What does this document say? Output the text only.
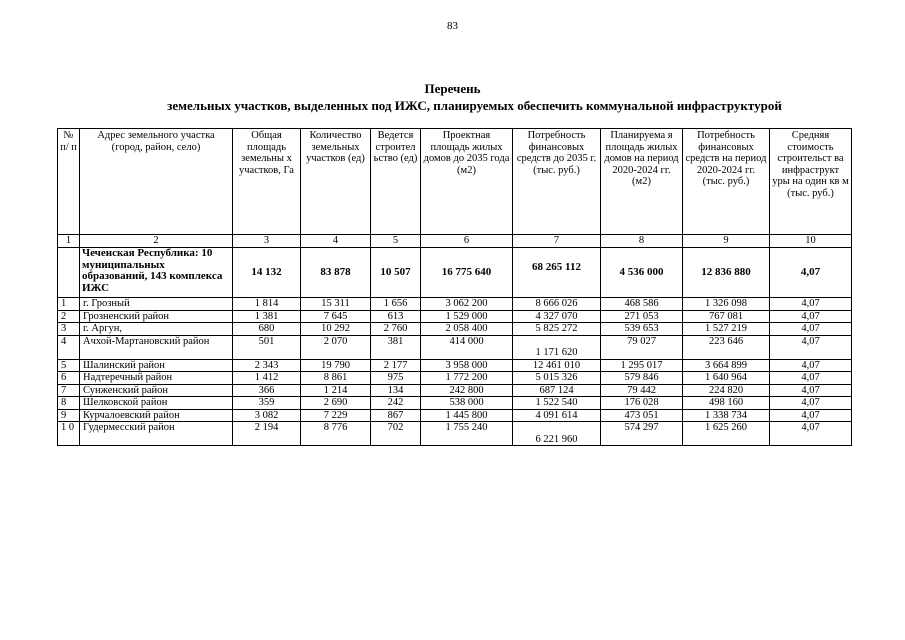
83
Перечень
земельных участков, выделенных под ИЖС, планируемых обеспечить коммунальной инфраструктурой
№ п/ п	Адрес земельного участка (город, район, село)	Общая площадь земельны х участков, Га	Количество земельных участков (ед)	Ведется строител ьство (ед)	Проектная площадь жилых домов до 2035 года (м2)	Потребность финансовых средств до 2035 г. (тыс. руб.)	Планируема я площадь жилых домов на период 2020-2024 гг. (м2)	Потребность финансовых средств на период 2020-2024 гг. (тыс. руб.)	Средняя стоимость строительст ва инфраструкт уры на один кв м (тыс. руб.)
1	2	3	4	5	6	7	8	9	10
	Чеченская Республика: 10 муниципальных образований, 143 комплекса ИЖС	14 132	83 878	10 507	16 775 640	68 265 112	4 536 000	12 836 880	4,07
1	г. Грозный	1 814	15 311	1 656	3 062 200	8 666 026	468 586	1 326 098	4,07
2	Грозненский район	1 381	7 645	613	1 529 000	4 327 070	271 053	767 081	4,07
3	г. Аргун,	680	10 292	2 760	2 058 400	5 825 272	539 653	1 527 219	4,07
4	Ачхой-Мартановский район	501	2 070	381	414 000	1 171 620	79 027	223 646	4,07
5	Шалинский район	2 343	19 790	2 177	3 958 000	12 461 010	1 295 017	3 664 899	4,07
6	Надтеречный район	1 412	8 861	975	1 772 200	5 015 326	579 846	1 640 964	4,07
7	Сунженский район	366	1 214	134	242 800	687 124	79 442	224 820	4,07
8	Шелковской район	359	2 690	242	538 000	1 522 540	176 028	498 160	4,07
9	Курчалоевский район	3 082	7 229	867	1 445 800	4 091 614	473 051	1 338 734	4,07
1 0	Гудермесский район	2 194	8 776	702	1 755 240	6 221 960	574 297	1 625 260	4,07
